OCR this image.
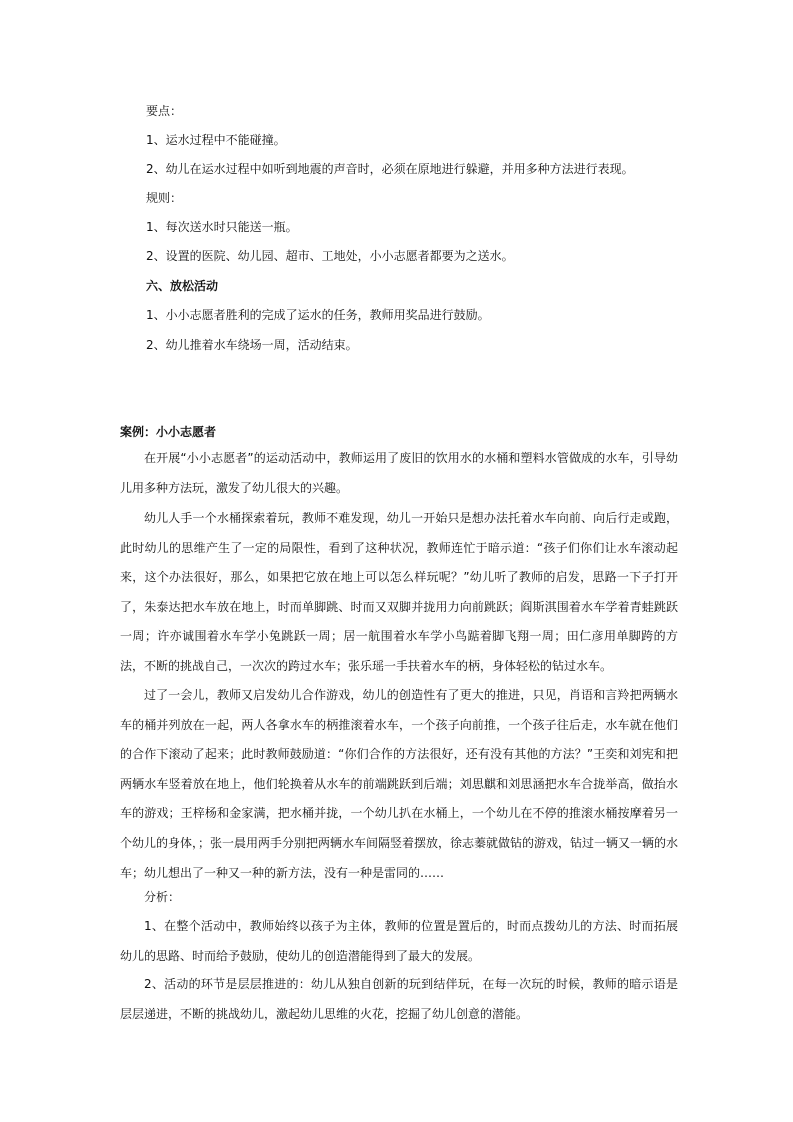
要点：
1、运水过程中不能碰撞。
2、幼儿在运水过程中如听到地震的声音时，必须在原地进行躲避，并用多种方法进行表现。
规则：
1、每次送水时只能送一瓶。
2、设置的医院、幼儿园、超市、工地处，小小志愿者都要为之送水。
六、放松活动
1、小小志愿者胜利的完成了运水的任务，教师用奖品进行鼓励。
2、幼儿推着水车绕场一周，活动结束。
案例：小小志愿者

在开展“小小志愿者”的运动活动中，教师运用了废旧的饮用水的水桶和塑料水管做成的水车，引导幼儿用多种方法玩，激发了幼儿很大的兴趣。

幼儿人手一个水桶探索着玩，教师不难发现，幼儿一开始只是想办法托着水车向前、向后行走或跑，此时幼儿的思维产生了一定的局限性，看到了这种状况，教师连忙于暗示道：“孩子们你们让水车滚动起来，这个办法很好，那么，如果把它放在地上可以怎么样玩呢？”幼儿听了教师的启发，思路一下子打开了，朱泰达把水车放在地上，时而单脚跳、时而又双脚并拢用力向前跳跃；阎斯淇围着水车学着青蛙跳跃一周；许亦诚围着水车学小兔跳跃一周；居一航围着水车学小鸟踮着脚飞翔一周；田仁彦用单脚跨的方法，不断的挑战自己，一次次的跨过水车；张乐瑶一手扶着水车的柄，身体轻松的钻过水车。

过了一会儿，教师又启发幼儿合作游戏，幼儿的创造性有了更大的推进，只见，肖语和言羚把两辆水车的桶并列放在一起，两人各拿水车的柄推滚着水车，一个孩子向前推，一个孩子往后走，水车就在他们的合作下滚动了起来；此时教师鼓励道：“你们合作的方法很好，还有没有其他的方法？”王奕和刘宪和把两辆水车竖着放在地上，他们轮换着从水车的前端跳跃到后端；刘思麒和刘思涵把水车合拢举高，做抬水车的游戏；王梓杨和金家满，把水桶并拢，一个幼儿扒在水桶上，一个幼儿在不停的推滚水桶按摩着另一个幼儿的身体，；张一晨用两手分别把两辆水车间隔竖着摆放，徐志蓁就做钻的游戏，钻过一辆又一辆的水车；幼儿想出了一种又一种的新方法，没有一种是雷同的……

分析：

1、在整个活动中，教师始终以孩子为主体，教师的位置是置后的，时而点拨幼儿的方法、时而拓展幼儿的思路、时而给予鼓励，使幼儿的创造潜能得到了最大的发展。

2、活动的环节是层层推进的：幼儿从独自创新的玩到结伴玩，在每一次玩的时候，教师的暗示语是层层递进，不断的挑战幼儿，激起幼儿思维的火花，挖掘了幼儿创意的潜能。
